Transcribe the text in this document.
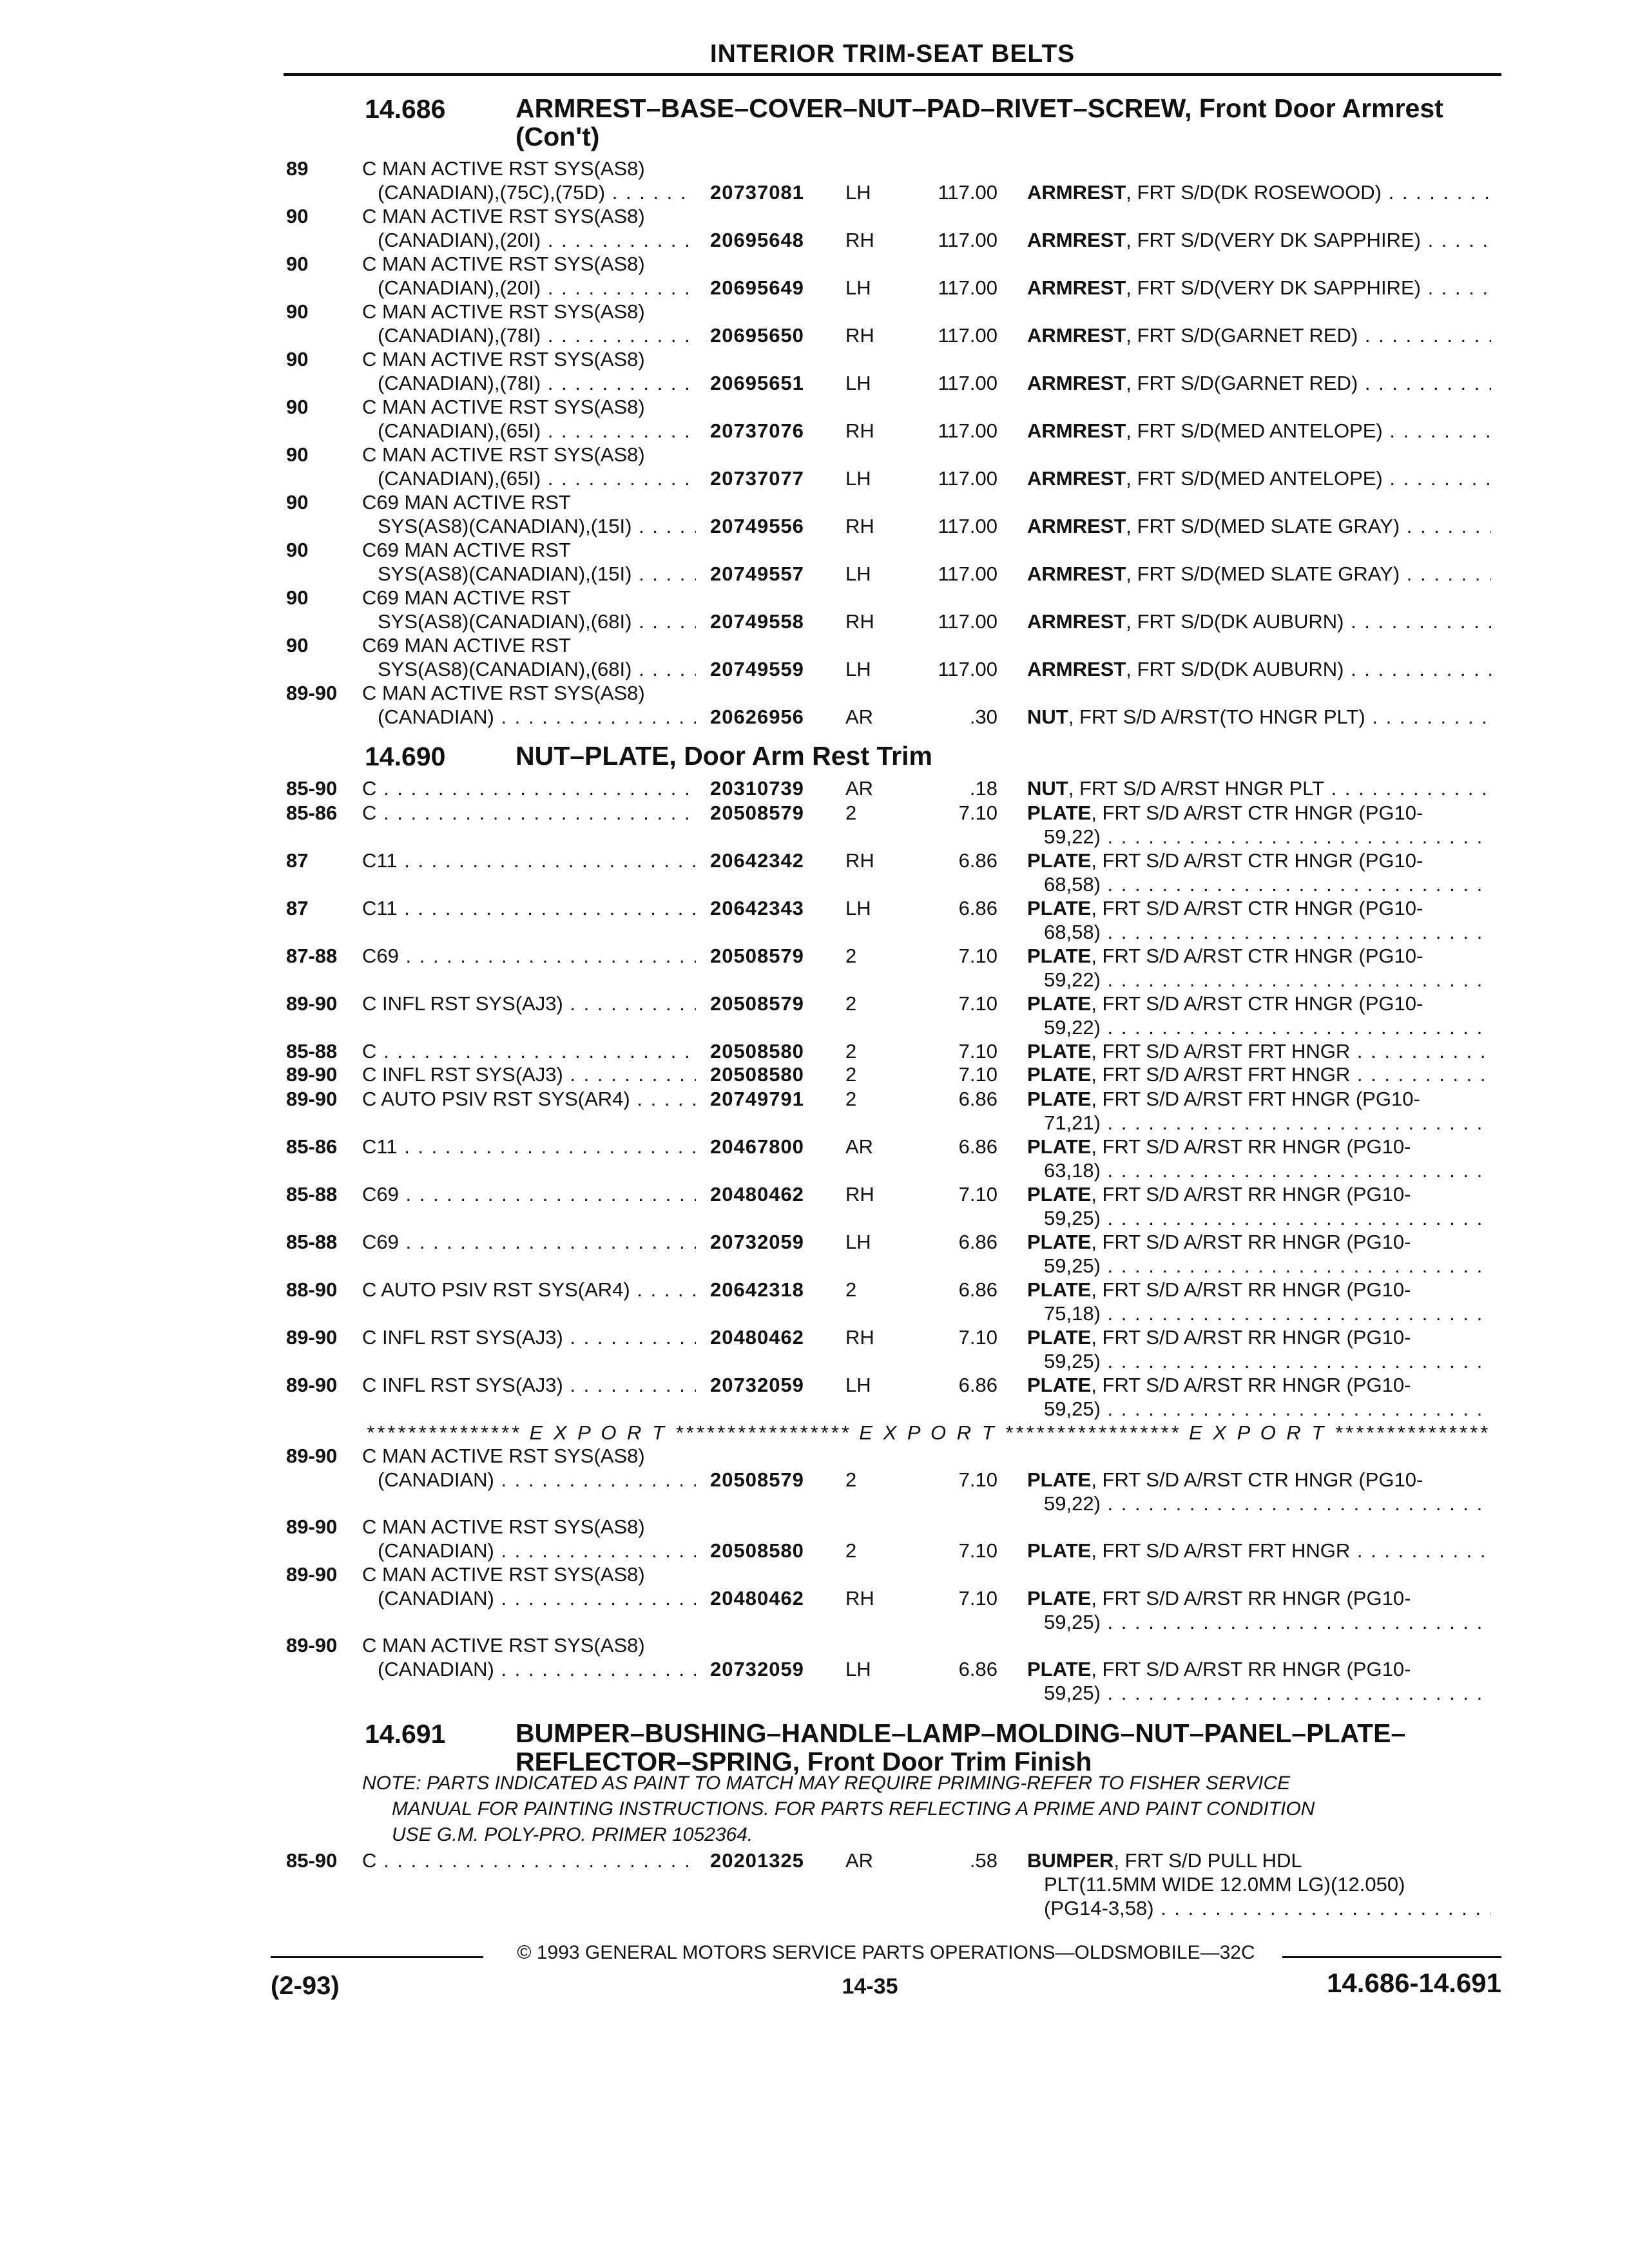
INTERIOR TRIM-SEAT BELTS
14.686	ARMREST–BASE–COVER–NUT–PAD–RIVET–SCREW, Front Door Armrest (Con't)
14.690	NUT–PLATE, Door Arm Rest Trim
14.691	BUMPER–BUSHING–HANDLE–LAMP–MOLDING–NUT–PANEL–PLATE–REFLECTOR–SPRING, Front Door Trim Finish
*************** E X P O R T ***************** E X P O R T ***************** E X P O R T ***************
NOTE: PARTS INDICATED AS PAINT TO MATCH MAY REQUIRE PRIMING-REFER TO FISHER SERVICE
MANUAL FOR PAINTING INSTRUCTIONS. FOR PARTS REFLECTING A PRIME AND PAINT CONDITION
USE G.M. POLY-PRO. PRIMER 1052364.
89	C MAN ACTIVE RST SYS(AS8)
(CANADIAN),(75C),(75D) . . .	20737081 LH	117.00 ARMREST, FRT S/D(DK ROSEWOOD) . . .
90	C MAN ACTIVE RST SYS(AS8)
(CANADIAN),(20I) . . .	20695648 RH	117.00 ARMREST, FRT S/D(VERY DK SAPPHIRE) . . .
90	C MAN ACTIVE RST SYS(AS8)
(CANADIAN),(20I) . . .	20695649 LH	117.00 ARMREST, FRT S/D(VERY DK SAPPHIRE) . . .
90	C MAN ACTIVE RST SYS(AS8)
(CANADIAN),(78I) . . .	20695650 RH	117.00 ARMREST, FRT S/D(GARNET RED) . . .
90	C MAN ACTIVE RST SYS(AS8)
(CANADIAN),(78I) . . .	20695651 LH	117.00 ARMREST, FRT S/D(GARNET RED) . . .
90	C MAN ACTIVE RST SYS(AS8)
(CANADIAN),(65I) . . .	20737076 RH	117.00 ARMREST, FRT S/D(MED ANTELOPE) . . .
90	C MAN ACTIVE RST SYS(AS8)
(CANADIAN),(65I) . . .	20737077 LH	117.00 ARMREST, FRT S/D(MED ANTELOPE) . . .
90	C69 MAN ACTIVE RST
SYS(AS8)(CANADIAN),(15I) . . .	20749556 RH	117.00 ARMREST, FRT S/D(MED SLATE GRAY) . . .
90	C69 MAN ACTIVE RST
SYS(AS8)(CANADIAN),(15I) . . .	20749557 LH	117.00 ARMREST, FRT S/D(MED SLATE GRAY) . . .
90	C69 MAN ACTIVE RST
SYS(AS8)(CANADIAN),(68I) . . .	20749558 RH	117.00 ARMREST, FRT S/D(DK AUBURN) . . .
90	C69 MAN ACTIVE RST
SYS(AS8)(CANADIAN),(68I) . . .	20749559 LH	117.00 ARMREST, FRT S/D(DK AUBURN) . . .
89-90 C MAN ACTIVE RST SYS(AS8)
(CANADIAN) . . .	20626956 AR	.30 NUT, FRT S/D A/RST(TO HNGR PLT) . . .
85-90 C . . .	20310739 AR	.18 NUT, FRT S/D A/RST HNGR PLT . . .
85-86 C . . .	20508579 2	7.10 PLATE, FRT S/D A/RST CTR HNGR (PG10-
59,22) . . .
87	C11 . . .	20642342 RH	6.86 PLATE, FRT S/D A/RST CTR HNGR (PG10-
68,58) . . .
87	C11 . . .	20642343 LH	6.86 PLATE, FRT S/D A/RST CTR HNGR (PG10-
68,58) . . .
87-88 C69 . . .	20508579 2	7.10 PLATE, FRT S/D A/RST CTR HNGR (PG10-
59,22) . . .
89-90 C INFL RST SYS(AJ3) . . .	20508579 2	7.10 PLATE, FRT S/D A/RST CTR HNGR (PG10-
59,22) . . .
85-88 C . . .	20508580 2	7.10 PLATE, FRT S/D A/RST FRT HNGR . . .
89-90 C INFL RST SYS(AJ3) . . .	20508580 2	7.10 PLATE, FRT S/D A/RST FRT HNGR . . .
89-90 C AUTO PSIV RST SYS(AR4) . . .	20749791 2	6.86 PLATE, FRT S/D A/RST FRT HNGR (PG10-
71,21) . . .
85-86 C11 . . .	20467800 AR	6.86 PLATE, FRT S/D A/RST RR HNGR (PG10-
63,18) . . .
85-88 C69 . . .	20480462 RH	7.10 PLATE, FRT S/D A/RST RR HNGR (PG10-
59,25) . . .
85-88 C69 . . .	20732059 LH	6.86 PLATE, FRT S/D A/RST RR HNGR (PG10-
59,25) . . .
88-90 C AUTO PSIV RST SYS(AR4) . . .	20642318 2	6.86 PLATE, FRT S/D A/RST RR HNGR (PG10-
75,18) . . .
89-90 C INFL RST SYS(AJ3) . . .	20480462 RH	7.10 PLATE, FRT S/D A/RST RR HNGR (PG10-
59,25) . . .
89-90 C INFL RST SYS(AJ3) . . .	20732059 LH	6.86 PLATE, FRT S/D A/RST RR HNGR (PG10-
59,25) . . .
89-90 C MAN ACTIVE RST SYS(AS8)
(CANADIAN) . . .	20508579 2	7.10 PLATE, FRT S/D A/RST CTR HNGR (PG10-
59,22) . . .
89-90 C MAN ACTIVE RST SYS(AS8)
(CANADIAN) . . .	20508580 2	7.10 PLATE, FRT S/D A/RST FRT HNGR . . .
89-90 C MAN ACTIVE RST SYS(AS8)
(CANADIAN) . . .	20480462 RH	7.10 PLATE, FRT S/D A/RST RR HNGR (PG10-
59,25) . . .
89-90 C MAN ACTIVE RST SYS(AS8)
(CANADIAN) . . .	20732059 LH	6.86 PLATE, FRT S/D A/RST RR HNGR (PG10-
59,25) . . .
85-90 C . . .	20201325 AR	.58 BUMPER, FRT S/D PULL HDL
PLT(11.5MM WIDE 12.0MM LG)(12.050)
(PG14-3,58) . . .
© 1993 GENERAL MOTORS SERVICE PARTS OPERATIONS—OLDSMOBILE—32C
(2-93)	14-35	14.686-14.691
